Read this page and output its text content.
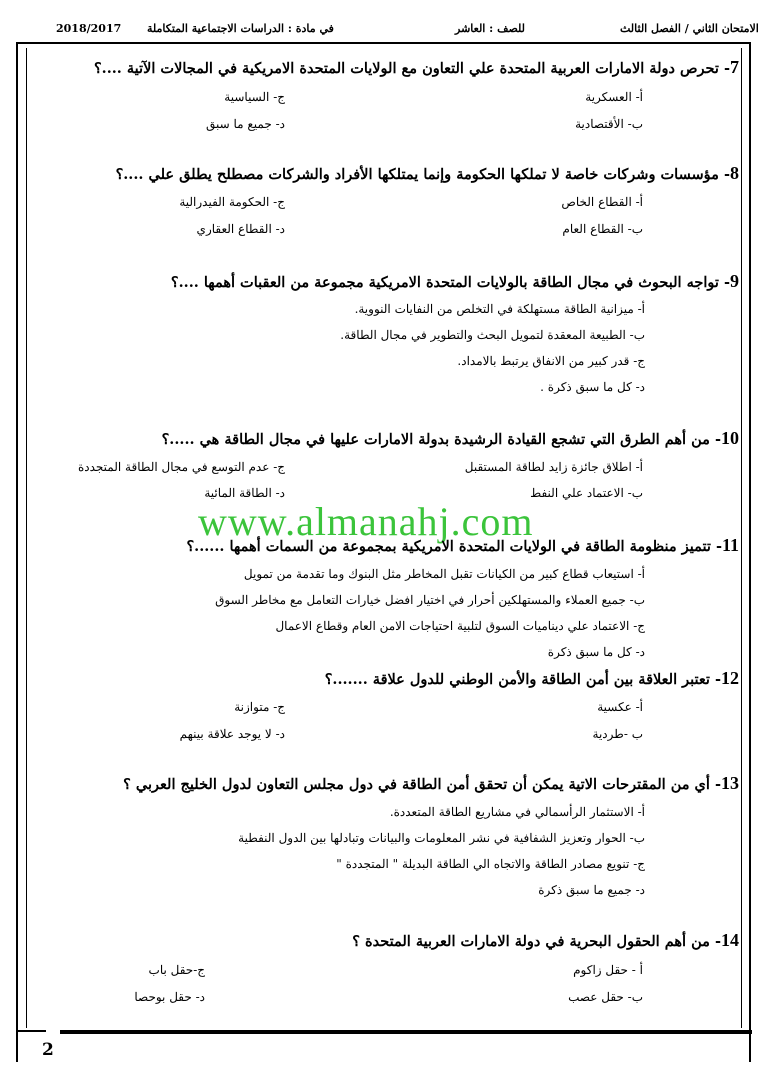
الامتحان الثاني / الفصل الثالث
للصف : العاشر
في مادة : الدراسات الاجتماعية المتكاملة
2018/2017
2
7- تحرص دولة الامارات العربية المتحدة علي التعاون مع الولايات المتحدة الامريكية في المجالات الآتية ....؟
أ- العسكرية
ب- الأقتصادية
ج- السياسية
د- جميع ما سبق
8- مؤسسات وشركات خاصة لا تملكها الحكومة وإنما يمتلكها الأفراد والشركات مصطلح يطلق علي ....؟
أ- القطاع الخاص
ب- القطاع العام
ج- الحكومة الفيدرالية
د- القطاع العقاري
9- تواجه البحوث في مجال الطاقة بالولايات المتحدة الامريكية مجموعة من العقبات أهمها ....؟
أ- ميزانية الطاقة مستهلكة في التخلص من النفايات النووية.
ب- الطبيعة المعقدة لتمويل البحث والتطوير في مجال الطاقة.
ج- قدر كبير من الانفاق يرتبط بالامداد.
د- كل ما سبق ذكرة .
10- من أهم الطرق التي تشجع القيادة الرشيدة بدولة الامارات عليها في مجال الطاقة هي .....؟
أ- اطلاق جائزة زايد لطاقة المستقبل
ب- الاعتماد علي النفط
ج- عدم التوسع في مجال الطاقة المتجددة
د- الطاقة المائية
www.almanahj.com
11- تتميز منظومة الطاقة في الولايات المتحدة الامريكية بمجموعة من السمات أهمها ......؟
أ- استيعاب قطاع كبير من الكيانات تقبل المخاطر مثل البنوك وما تقدمة من تمويل
ب- جميع العملاء والمستهلكين أحرار في اختيار افضل خيارات التعامل مع مخاطر السوق
ج- الاعتماد علي ديناميات السوق لتلبية احتياجات الامن العام وقطاع الاعمال
د- كل ما سبق ذكرة
12- تعتبر العلاقة بين أمن الطاقة والأمن الوطني للدول علاقة .......؟
أ- عكسية
ب -طردية
ج- متوازنة
د- لا يوجد علاقة بينهم
13- أي من المقترحات الاتية يمكن أن تحقق أمن الطاقة في دول مجلس التعاون لدول الخليج العربي ؟
أ- الاستثمار الرأسمالي في مشاريع الطاقة المتعددة.
ب- الحوار وتعزيز الشفافية في نشر المعلومات والبيانات وتبادلها بين الدول النفطية
ج- تنويع مصادر الطاقة والاتجاه الي الطاقة البديلة " المتجددة "
د- جميع ما سبق ذكرة
14- من أهم الحقول البحرية في دولة الامارات العربية المتحدة ؟
أ - حقل زاكوم
ب- حقل عصب
ج-حقل باب
د- حقل بوحصا
